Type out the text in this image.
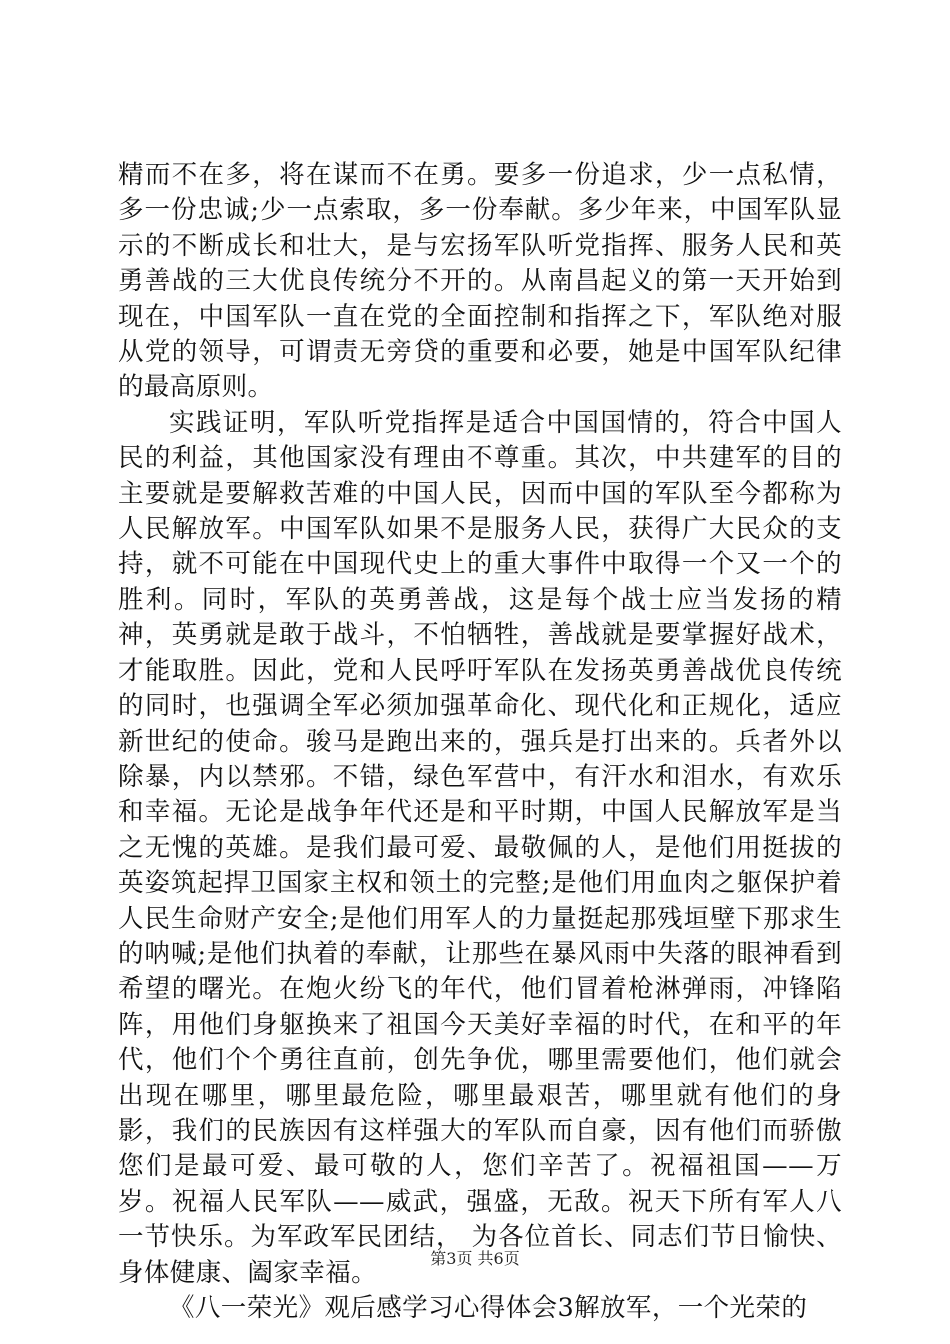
精而不在多，将在谋而不在勇。要多一份追求，少一点私情，多一份忠诚;少一点索取，多一份奉献。多少年来，中国军队显示的不断成长和壮大，是与宏扬军队听党指挥、服务人民和英勇善战的三大优良传统分不开的。从南昌起义的第一天开始到现在，中国军队一直在党的全面控制和指挥之下，军队绝对服从党的领导，可谓责无旁贷的重要和必要，她是中国军队纪律的最高原则。

实践证明，军队听党指挥是适合中国国情的，符合中国人民的利益，其他国家没有理由不尊重。其次，中共建军的目的主要就是要解救苦难的中国人民，因而中国的军队至今都称为人民解放军。中国军队如果不是服务人民，获得广大民众的支持，就不可能在中国现代史上的重大事件中取得一个又一个的胜利。同时，军队的英勇善战，这是每个战士应当发扬的精神，英勇就是敢于战斗，不怕牺牲，善战就是要掌握好战术，才能取胜。因此，党和人民呼吁军队在发扬英勇善战优良传统的同时，也强调全军必须加强革命化、现代化和正规化，适应新世纪的使命。骏马是跑出来的，强兵是打出来的。兵者外以除暴，内以禁邪。不错，绿色军营中，有汗水和泪水，有欢乐和幸福。无论是战争年代还是和平时期，中国人民解放军是当之无愧的英雄。是我们最可爱、最敬佩的人，是他们用挺拔的英姿筑起捍卫国家主权和领土的完整;是他们用血肉之躯保护着人民生命财产安全;是他们用军人的力量挺起那残垣壁下那求生的呐喊;是他们执着的奉献，让那些在暴风雨中失落的眼神看到希望的曙光。在炮火纷飞的年代，他们冒着枪淋弹雨，冲锋陷阵，用他们身躯换来了祖国今天美好幸福的时代，在和平的年代，他们个个勇往直前，创先争优，哪里需要他们，他们就会出现在哪里，哪里最危险，哪里最艰苦，哪里就有他们的身影，我们的民族因有这样强大的军队而自豪，因有他们而骄傲您们是最可爱、最可敬的人，您们辛苦了。祝福祖国——万岁。祝福人民军队——威武，强盛，无敌。祝天下所有军人八一节快乐。为军政军民团结， 为各位首长、同志们节日愉快、身体健康、阖家幸福。

《八一荣光》观后感学习心得体会3解放军，一个光荣的

第3页 共6页
